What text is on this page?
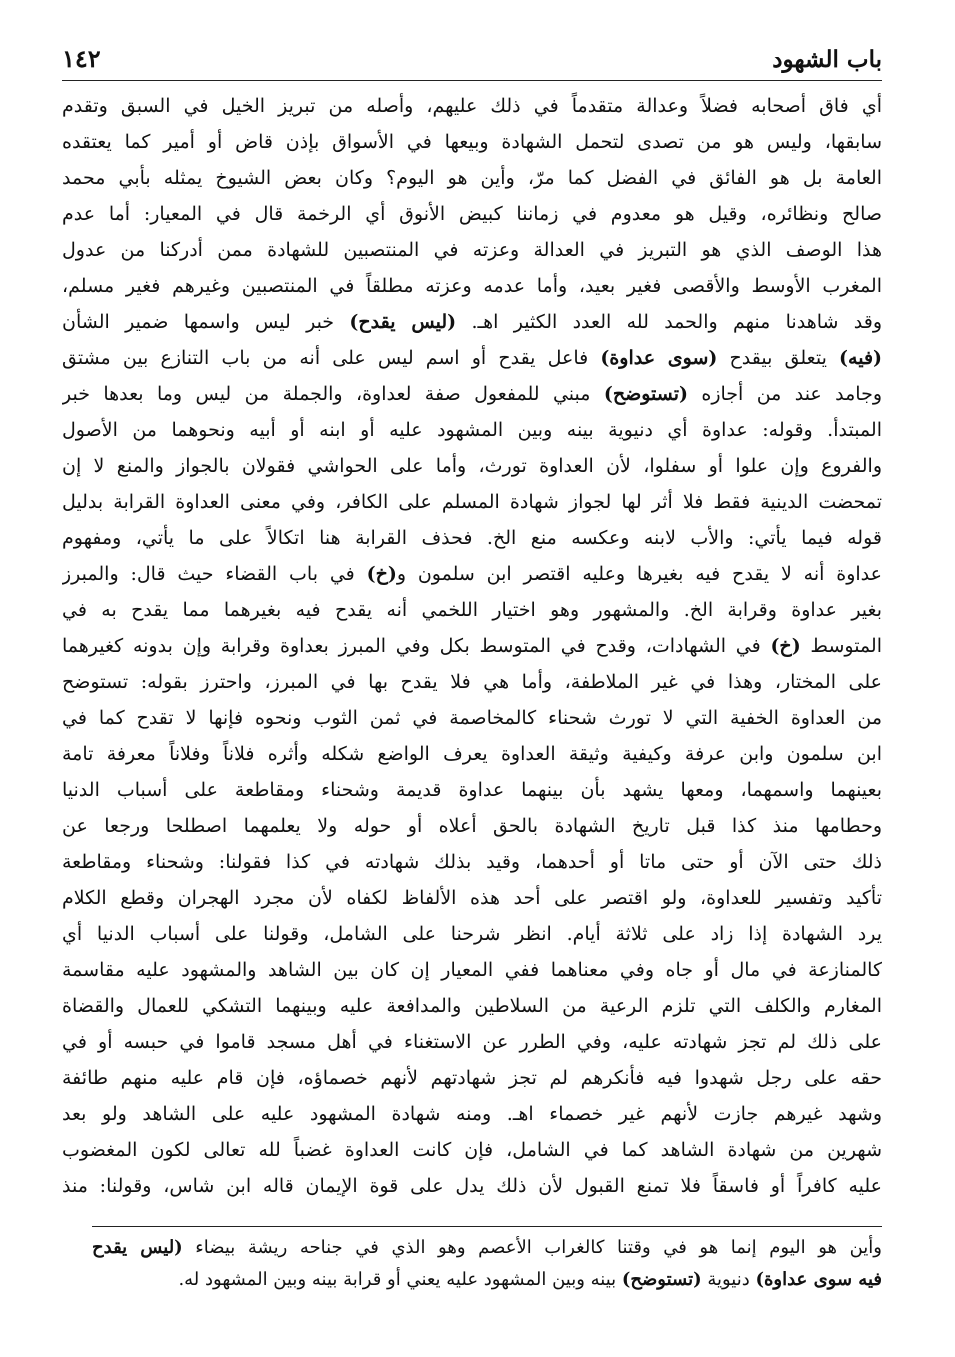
باب الشهود
١٤٢
أي فاق أصحابه فضلاً وعدالة متقدماً في ذلك عليهم، وأصله من تبريز الخيل في السبق وتقدم
سابقها، وليس هو من تصدى لتحمل الشهادة وبيعها في الأسواق بإذن قاض أو أمير كما يعتقده
العامة بل هو الفائق في الفضل كما مرّ، وأين هو اليوم؟ وكان بعض الشيوخ يمثله بأبي محمد
صالح ونظائره، وقيل هو معدوم في زماننا كبيض الأنوق أي الرخمة قال في المعيار: أما عدم
هذا الوصف الذي هو التبريز في العدالة وعزته في المنتصبين للشهادة ممن أدركنا من عدول
المغرب الأوسط والأقصى فغير بعيد، وأما عدمه وعزته مطلقاً في المنتصبين وغيرهم فغير مسلم،
وقد شاهدنا منهم والحمد لله العدد الكثير اهـ. (ليس يقدح) خبر ليس واسمها ضمير الشأن
(فيه) يتعلق بيقدح (سوى عداوة) فاعل يقدح أو اسم ليس على أنه من باب التنازع بين مشتق
وجامد عند من أجازه (تستوضح) مبني للمفعول صفة لعداوة، والجملة من ليس وما بعدها خبر
المبتدأ. وقوله: عداوة أي دنيوية بينه وبين المشهود عليه أو ابنه أو أبيه ونحوهما من الأصول
والفروع وإن علوا أو سفلوا، لأن العداوة تورث، وأما على الحواشي فقولان بالجواز والمنع لا إن
تمحضت الدينية فقط فلا أثر لها لجواز شهادة المسلم على الكافر، وفي معنى العداوة القرابة بدليل
قوله فيما يأتي: والأب لابنه وعكسه منع الخ. فحذف القرابة هنا اتكالاً على ما يأتي، ومفهوم
عداوة أنه لا يقدح فيه بغيرها وعليه اقتصر ابن سلمون و(خ) في باب القضاء حيث قال: والمبرز
بغير عداوة وقرابة الخ. والمشهور وهو اختيار اللخمي أنه يقدح فيه بغيرهما مما يقدح به في
المتوسط (خ) في الشهادات، وقدح في المتوسط بكل وفي المبرز بعداوة وقرابة وإن بدونه كغيرهما
على المختار، وهذا في غير الملاطفة، وأما هي فلا يقدح بها في المبرز، واحترز بقوله: تستوضح
من العداوة الخفية التي لا تورث شحناء كالمخاصمة في ثمن الثوب ونحوه فإنها لا تقدح كما في
ابن سلمون وابن عرفة وكيفية وثيقة العداوة يعرف الواضع شكله وأثره فلاناً وفلاناً معرفة تامة
بعينهما واسمهما، ومعها يشهد بأن بينهما عداوة قديمة وشحناء ومقاطعة على أسباب الدنيا
وحطامها منذ كذا قبل تاريخ الشهادة بالحق أعلاه أو حوله ولا يعلمهما اصطلحا ورجعا عن
ذلك حتى الآن أو حتى ماتا أو أحدهما، وقيد بذلك شهادته في كذا فقولنا: وشحناء ومقاطعة
تأكيد وتفسير للعداوة، ولو اقتصر على أحد هذه الألفاظ لكفاه لأن مجرد الهجران وقطع الكلام
يرد الشهادة إذا زاد على ثلاثة أيام. انظر شرحنا على الشامل، وقولنا على أسباب الدنيا أي
كالمنازعة في مال أو جاه وفي معناهما ففي المعيار إن كان بين الشاهد والمشهود عليه مقاسمة
المغارم والكلف التي تلزم الرعية من السلاطين والمدافعة عليه وبينهما التشكي للعمال والقضاة
على ذلك لم تجز شهادته عليه، وفي الطرر عن الاستغناء في أهل مسجد قاموا في حبسه أو في
حقه على رجل شهدوا فيه فأنكرهم لم تجز شهادتهم لأنهم خصماؤه، فإن قام عليه منهم طائفة
وشهد غيرهم جازت لأنهم غير خصماء اهـ. ومنه شهادة المشهود عليه على الشاهد ولو بعد
شهرين من شهادة الشاهد كما في الشامل، فإن كانت العداوة غضباً لله تعالى لكون المغضوب
عليه كافراً أو فاسقاً فلا تمنع القبول لأن ذلك يدل على قوة الإيمان قاله ابن شاس، وقولنا: منذ
وأين هو اليوم إنما هو في وقتنا كالغراب الأعصم وهو الذي في جناحه ريشة بيضاء (ليس يقدح
فيه سوى عداوة) دنيوية (تستوضح) بينه وبين المشهود عليه يعني أو قرابة بينه وبين المشهود له.
